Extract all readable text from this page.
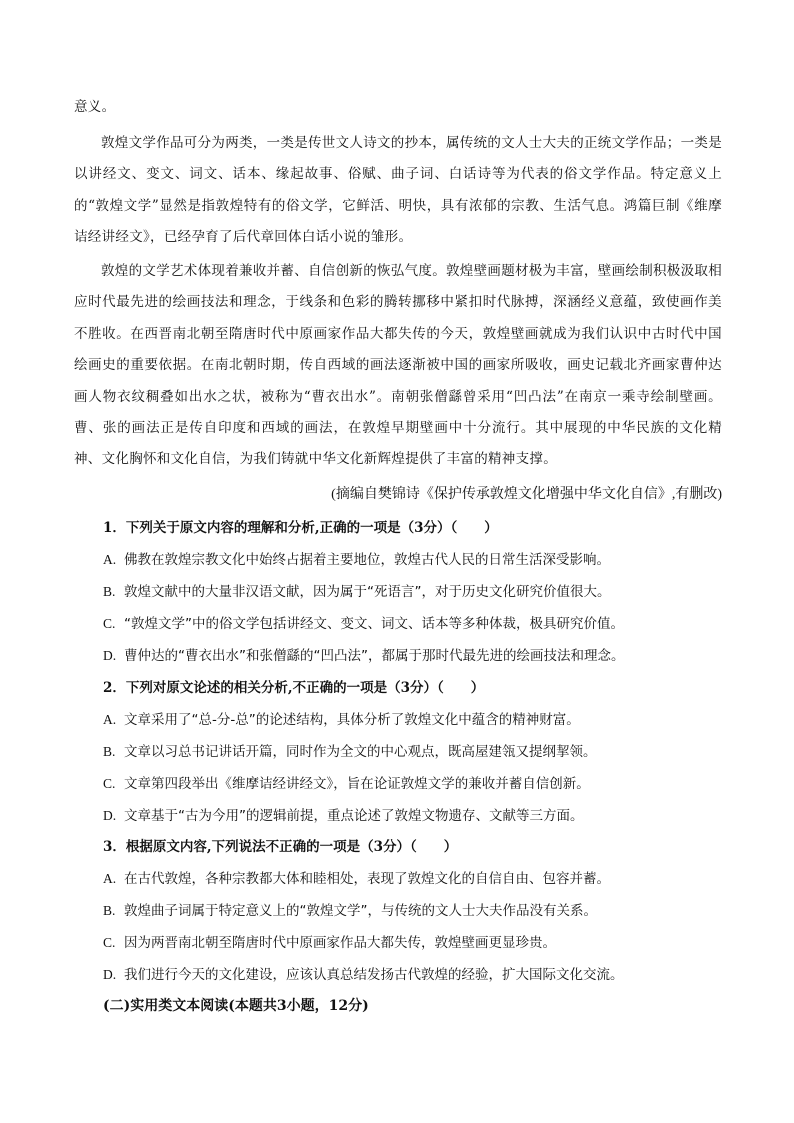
意义。
敦煌文学作品可分为两类，一类是传世文人诗文的抄本，属传统的文人士大夫的正统文学作品；一类是以讲经文、变文、词文、话本、缘起故事、俗赋、曲子词、白话诗等为代表的俗文学作品。特定意义上的“敦煌文学”显然是指敦煌特有的俗文学，它鲜活、明快，具有浓郁的宗教、生活气息。鸿篇巨制《维摩诘经讲经文》，已经孕育了后代章回体白话小说的雏形。
敦煌的文学艺术体现着兼收并蓄、自信创新的恢弘气度。敦煌壁画题材极为丰富，壁画绘制积极汲取相应时代最先进的绘画技法和理念，于线条和色彩的腾转挪移中紧扣时代脉搏，深涵经义意蕴，致使画作美不胜收。在西晋南北朝至隋唐时代中原画家作品大都失传的今天，敦煌壁画就成为我们认识中古时代中国绘画史的重要依据。在南北朝时期，传自西域的画法逐渐被中国的画家所吸收，画史记载北齐画家曹仲达画人物衣纹稠叠如出水之状，被称为“曹衣出水”。南朝张僧繇曾采用“凹凸法”在南京一乘寺绘制壁画。曹、张的画法正是传自印度和西域的画法，在敦煌早期壁画中十分流行。其中展现的中华民族的文化精神、文化胸怀和文化自信，为我们铸就中华文化新辉煌提供了丰富的精神支撑。
(摘编自樊锦诗《保护传承敦煌文化增强中华文化自信》,有删改)
1．下列关于原文内容的理解和分析,正确的一项是（3分）（　　）
A. 佛教在敦煌宗教文化中始终占据着主要地位，敦煌古代人民的日常生活深受影响。
B. 敦煌文献中的大量非汉语文献，因为属于“死语言”，对于历史文化研究价值很大。
C. “敦煌文学”中的俗文学包括讲经文、变文、词文、话本等多种体裁，极具研究价值。
D. 曹仲达的“曹衣出水”和张僧繇的“凹凸法”，都属于那时代最先进的绘画技法和理念。
2．下列对原文论述的相关分析,不正确的一项是（3分）（　　）
A. 文章采用了“总-分-总”的论述结构，具体分析了敦煌文化中蕴含的精神财富。
B. 文章以习总书记讲话开篇，同时作为全文的中心观点，既高屋建瓴又提纲挈领。
C. 文章第四段举出《维摩诘经讲经文》，旨在论证敦煌文学的兼收并蓄自信创新。
D. 文章基于“古为今用”的逻辑前提，重点论述了敦煌文物遗存、文献等三方面。
3．根据原文内容,下列说法不正确的一项是（3分）（　　）
A. 在古代敦煌，各种宗教都大体和睦相处，表现了敦煌文化的自信自由、包容并蓄。
B. 敦煌曲子词属于特定意义上的“敦煌文学”，与传统的文人士大夫作品没有关系。
C. 因为两晋南北朝至隋唐时代中原画家作品大都失传，敦煌壁画更显珍贵。
D. 我们进行今天的文化建设，应该认真总结发扬古代敦煌的经验，扩大国际文化交流。
(二)实用类文本阅读(本题共3小题，12分)
